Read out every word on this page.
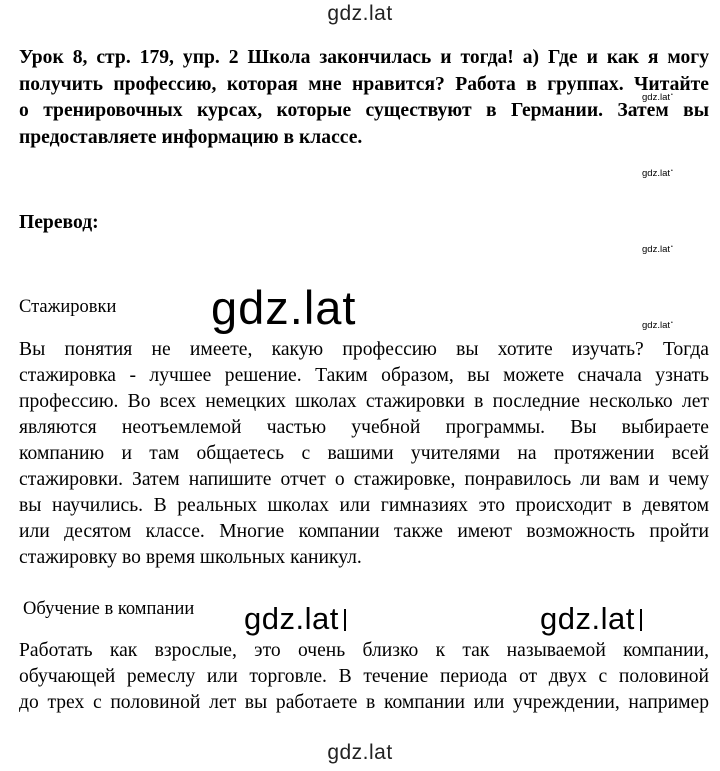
gdz.lat
Урок 8, стр. 179, упр. 2 Школа закончилась и тогда! а) Где и как я могу
получить профессию, которая мне нравится? Работа в группах. Читайте
о тренировочных курсах, которые существуют в Германии. Затем вы
предоставляете информацию в классе.
gdz.lat •
gdz.lat •
gdz.lat •
gdz.lat •
Перевод:
Стажировки gdz.lat
Вы понятия не имеете, какую профессию вы хотите изучать? Тогда
стажировка - лучшее решение. Таким образом, вы можете сначала узнать
профессию. Во всех немецких школах стажировки в последние несколько лет
являются неотъемлемой частью учебной программы. Вы выбираете
компанию и там общаетесь с вашими учителями на протяжении всей
стажировки. Затем напишите отчет о стажировке, понравилось ли вам и чему
вы научились. В реальных школах или гимназиях это происходит в девятом
или десятом классе. Многие компании также имеют возможность пройти
стажировку во время школьных каникул.
Обучение в компании gdz.lat	gdz.lat
Работать как взрослые, это очень близко к так называемой компании,
обучающей ремеслу или торговле. В течение периода от двух с половиной
до трех с половиной лет вы работаете в компании или учреждении, например
gdz.lat
